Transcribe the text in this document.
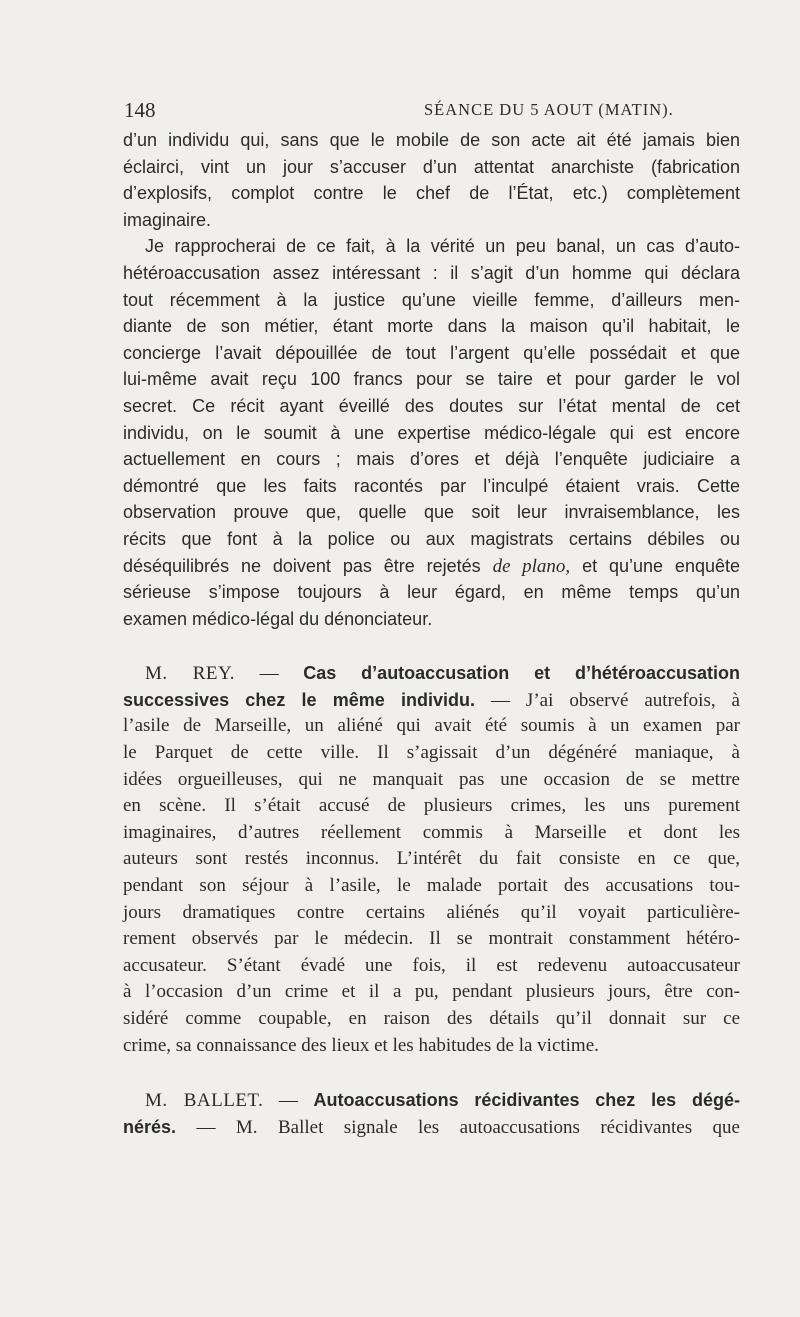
148	SÉANCE DU 5 AOUT (MATIN).
d’un individu qui, sans que le mobile de son acte ait été jamais bien
éclairci, vint un jour s’accuser d’un attentat anarchiste (fabrication
d’explosifs, complot contre le chef de l’État, etc.) complètement
imaginaire.
Je rapprocherai de ce fait, à la vérité un peu banal, un cas d’auto-
hétéroaccusation assez intéressant : il s’agit d’un homme qui déclara
tout récemment à la justice qu’une vieille femme, d’ailleurs men-
diante de son métier, étant morte dans la maison qu’il habitait, le
concierge l’avait dépouillée de tout l’argent qu’elle possédait et que
lui-même avait reçu 100 francs pour se taire et pour garder le vol
secret. Ce récit ayant éveillé des doutes sur l’état mental de cet
individu, on le soumit à une expertise médico-légale qui est encore
actuellement en cours ; mais d’ores et déjà l’enquête judiciaire a
démontré que les faits racontés par l’inculpé étaient vrais. Cette
observation prouve que, quelle que soit leur invraisemblance, les
récits que font à la police ou aux magistrats certains débiles ou
déséquilibrés ne doivent pas être rejetés de plano, et qu’une enquête
sérieuse s’impose toujours à leur égard, en même temps qu’un
examen médico-légal du dénonciateur.
M. REY. — Cas d’autoaccusation et d’hétéroaccusation
successives chez le même individu. — J’ai observé autrefois, à
l’asile de Marseille, un aliéné qui avait été soumis à un examen par
le Parquet de cette ville. Il s’agissait d’un dégénéré maniaque, à
idées orgueilleuses, qui ne manquait pas une occasion de se mettre
en scène. Il s’était accusé de plusieurs crimes, les uns purement
imaginaires, d’autres réellement commis à Marseille et dont les
auteurs sont restés inconnus. L’intérêt du fait consiste en ce que,
pendant son séjour à l’asile, le malade portait des accusations tou-
jours dramatiques contre certains aliénés qu’il voyait particulière-
rement observés par le médecin. Il se montrait constamment hétéro-
accusateur. S’étant évadé une fois, il est redevenu autoaccusateur
à l’occasion d’un crime et il a pu, pendant plusieurs jours, être con-
sidéré comme coupable, en raison des détails qu’il donnait sur ce
crime, sa connaissance des lieux et les habitudes de la victime.
M. BALLET. — Autoaccusations récidivantes chez les dégé-
nérés. — M. Ballet signale les autoaccusations récidivantes que
